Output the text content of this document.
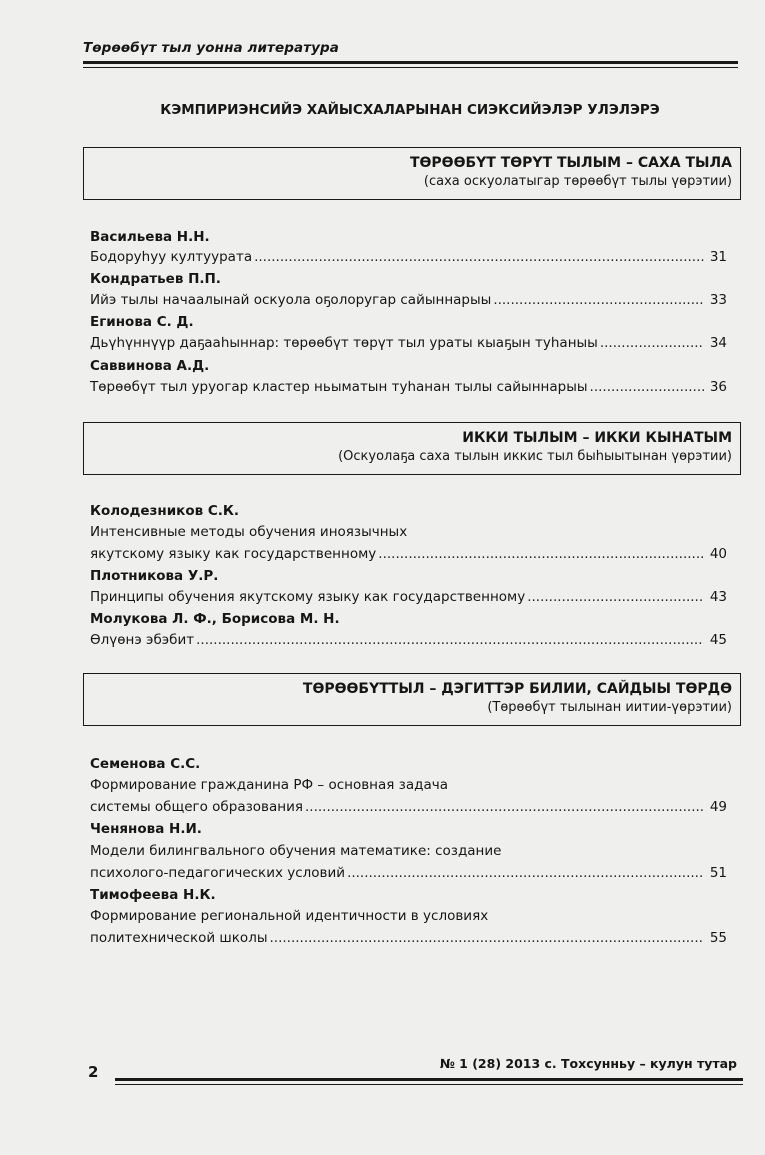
Төрөөбүт тыл уонна литература
КЭМПИРИЭНСИЙЭ ХАЙЫСХАЛАРЫНАН СИЭКСИЙЭЛЭР УЛЭЛЭРЭ
ТӨРӨӨБҮТ ТӨРҮТ ТЫЛЫМ – САХА ТЫЛА
(саха оскуолатыгар төрөөбүт тылы үөрэтии)
Васильева Н.Н.
Бодоруһуу култуурата .....	31
Кондратьев П.П.
Ийэ тылы начаалынай оскуола оҕолоругар сайыннарыы .....	33
Егинова С. Д.
Дьүһүннүүр даҕааһыннар: төрөөбүт төрүт тыл ураты кыаҕын туһаныы .....	34
Саввинова А.Д.
Төрөөбүт тыл уруогар кластер ньыматын туһанан тылы сайыннарыы .....	36
ИККИ ТЫЛЫМ – ИККИ КЫНАТЫМ
(Оскуолаҕа саха тылын иккис тыл быһыытынан үөрэтии)
Колодезников С.К.
Интенсивные методы обучения иноязычных
якутскому языку как государственному .....	40
Плотникова У.Р.
Принципы обучения якутскому языку как государственному .....	43
Молукова Л. Ф., Борисова М. Н.
Өлүөнэ эбэбит .....	45
ТӨРӨӨБҮТТЫЛ – ДЭГИТТЭР БИЛИИ, САЙДЫЫ ТӨРДӨ
(Төрөөбүт тылынан иитии-үөрэтии)
Семенова С.С.
Формирование гражданина РФ – основная задача
системы общего образования .....	49
Ченянова Н.И.
Модели билингвального обучения математике: создание
психолого-педагогических условий .....	51
Тимофеева Н.К.
Формирование региональной идентичности в условиях
политехнической школы .....	55
2	№ 1 (28) 2013 с. Тохсунньу – кулун тутар
